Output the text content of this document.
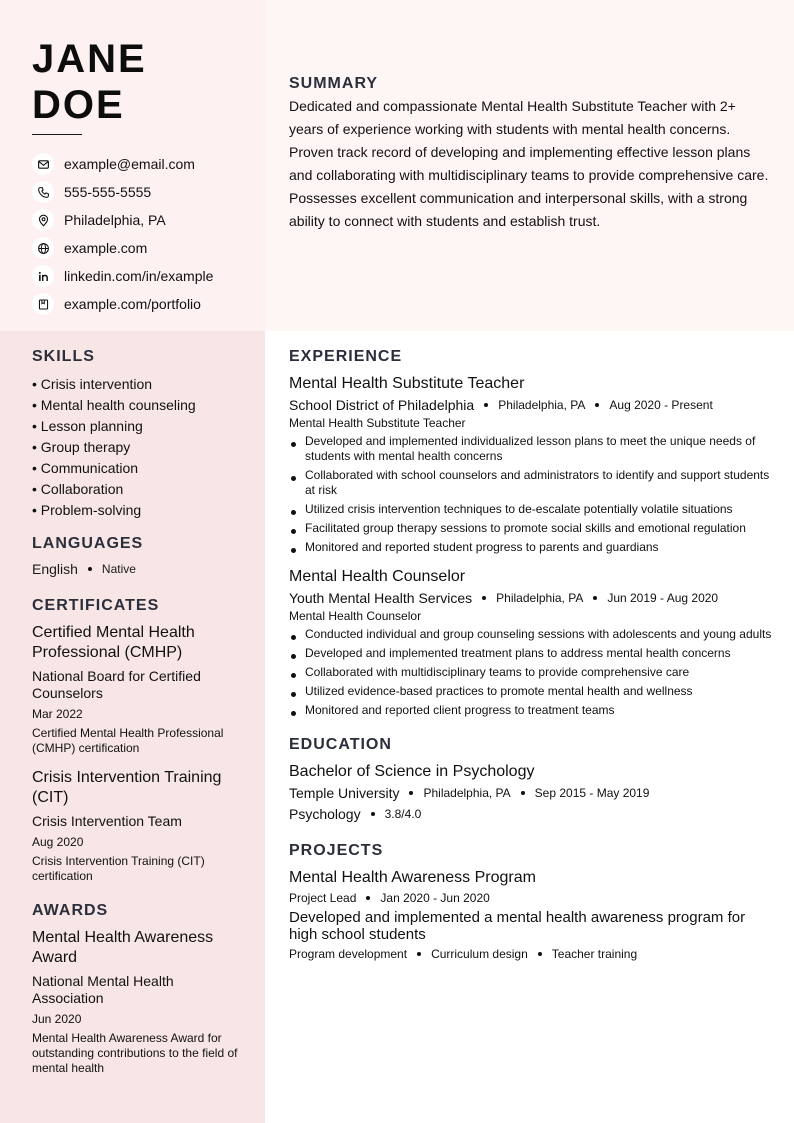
JANE
DOE
example@email.com
555-555-5555
Philadelphia, PA
example.com
linkedin.com/in/example
example.com/portfolio
SUMMARY

Dedicated and compassionate Mental Health Substitute Teacher with 2+ years of experience working with students with mental health concerns. Proven track record of developing and implementing effective lesson plans and collaborating with multidisciplinary teams to provide comprehensive care. Possesses excellent communication and interpersonal skills, with a strong ability to connect with students and establish trust.

SKILLS
• Crisis intervention
• Mental health counseling
• Lesson planning
• Group therapy
• Communication
• Collaboration
• Problem-solving
LANGUAGES
English Native
CERTIFICATES
Certified Mental Health Professional (CMHP)
National Board for Certified Counselors
Mar 2022
Certified Mental Health Professional (CMHP) certification
Crisis Intervention Training (CIT)
Crisis Intervention Team
Aug 2020
Crisis Intervention Training (CIT) certification
AWARDS
Mental Health Awareness Award
National Mental Health Association
Jun 2020
Mental Health Awareness Award for outstanding contributions to the field of mental health
EXPERIENCE
Mental Health Substitute Teacher
School District of Philadelphia Philadelphia, PA Aug 2020 - Present
Mental Health Substitute Teacher
Developed and implemented individualized lesson plans to meet the unique needs of students with mental health concerns
Collaborated with school counselors and administrators to identify and support students at risk
Utilized crisis intervention techniques to de-escalate potentially volatile situations
Facilitated group therapy sessions to promote social skills and emotional regulation
Monitored and reported student progress to parents and guardians
Mental Health Counselor
Youth Mental Health Services Philadelphia, PA Jun 2019 - Aug 2020
Mental Health Counselor
Conducted individual and group counseling sessions with adolescents and young adults
Developed and implemented treatment plans to address mental health concerns
Collaborated with multidisciplinary teams to provide comprehensive care
Utilized evidence-based practices to promote mental health and wellness
Monitored and reported client progress to treatment teams
EDUCATION
Bachelor of Science in Psychology
Temple University Philadelphia, PA Sep 2015 - May 2019
Psychology 3.8/4.0
PROJECTS
Mental Health Awareness Program
Project Lead Jan 2020 - Jun 2020
Developed and implemented a mental health awareness program for high school students
Program development Curriculum design Teacher training
